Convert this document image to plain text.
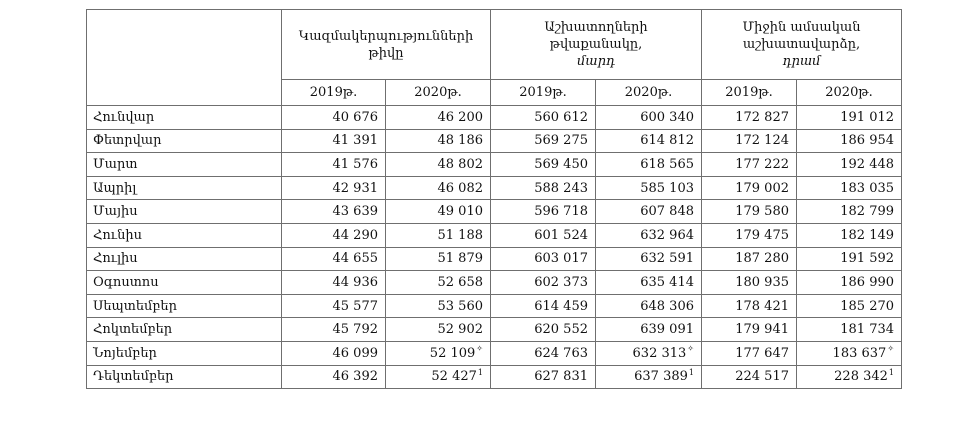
	Կազմակերպությունների
թիվը		Աշխատողների
թվաքանակը,
մարդ		Միջին ամսական
աշխատավարձը,
դրամ	
	2019թ.	2020թ.	2019թ.	2020թ.	2019թ.	2020թ.
Հունվար	40 676	46 200	560 612	600 340	172 827	191 012
Փետրվար	41 391	48 186	569 275	614 812	172 124	186 954
Մարտ	41 576	48 802	569 450	618 565	177 222	192 448
Ապրիլ	42 931	46 082	588 243	585 103	179 002	183 035
Մայիս	43 639	49 010	596 718	607 848	179 580	182 799
Հունիս	44 290	51 188	601 524	632 964	179 475	182 149
Հուլիս	44 655	51 879	603 017	632 591	187 280	191 592
Օգոստոս	44 936	52 658	602 373	635 414	180 935	186 990
Սեպտեմբեր	45 577	53 560	614 459	648 306	178 421	185 270
Հոկտեմբեր	45 792	52 902	620 552	639 091	179 941	181 734
Նոյեմբեր	46 099	52 109✧	624 763	632 313✧	177 647	183 637✧
Դեկտեմբեր	46 392	52 427$^1$	627 831	637 389$^1$	224 517	228 342$^1$
